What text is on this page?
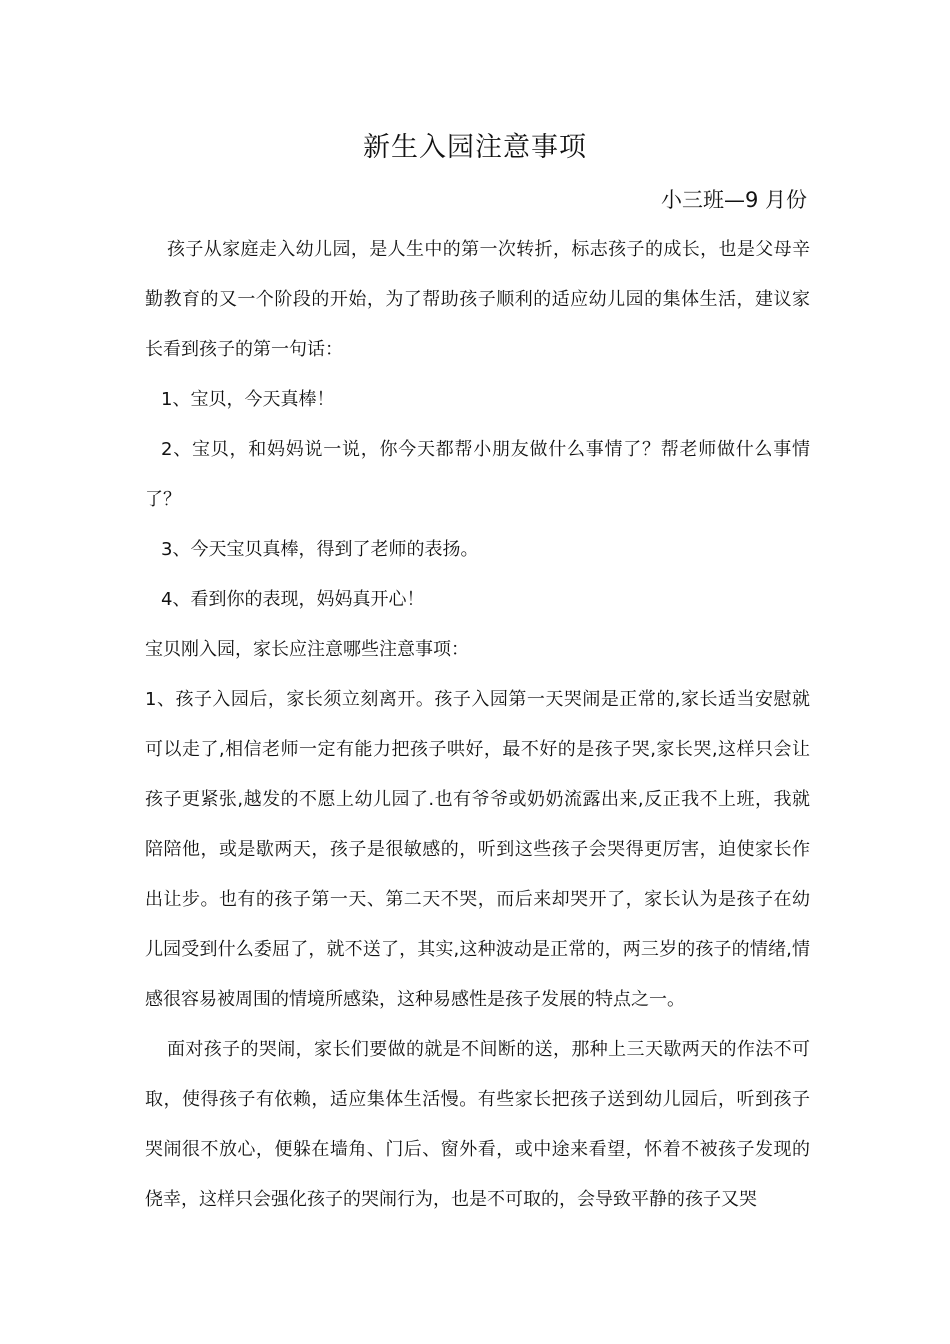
新生入园注意事项
小三班—9 月份

孩子从家庭走入幼儿园，是人生中的第一次转折，标志孩子的成长，也是父母辛勤教育的又一个阶段的开始，为了帮助孩子顺利的适应幼儿园的集体生活，建议家长看到孩子的第一句话：

1、宝贝，今天真棒！

2、宝贝，和妈妈说一说，你今天都帮小朋友做什么事情了？帮老师做什么事情了？

3、今天宝贝真棒，得到了老师的表扬。

4、看到你的表现，妈妈真开心！

宝贝刚入园，家长应注意哪些注意事项：

1、孩子入园后，家长须立刻离开。孩子入园第一天哭闹是正常的,家长适当安慰就可以走了,相信老师一定有能力把孩子哄好，最不好的是孩子哭,家长哭,这样只会让孩子更紧张,越发的不愿上幼儿园了.也有爷爷或奶奶流露出来,反正我不上班，我就陪陪他，或是歇两天，孩子是很敏感的，听到这些孩子会哭得更厉害，迫使家长作出让步。也有的孩子第一天、第二天不哭，而后来却哭开了，家长认为是孩子在幼儿园受到什么委屈了，就不送了，其实,这种波动是正常的，两三岁的孩子的情绪,情感很容易被周围的情境所感染，这种易感性是孩子发展的特点之一。

面对孩子的哭闹，家长们要做的就是不间断的送，那种上三天歇两天的作法不可取，使得孩子有依赖，适应集体生活慢。有些家长把孩子送到幼儿园后，听到孩子哭闹很不放心，便躲在墙角、门后、窗外看，或中途来看望，怀着不被孩子发现的侥幸，这样只会强化孩子的哭闹行为，也是不可取的，会导致平静的孩子又哭
